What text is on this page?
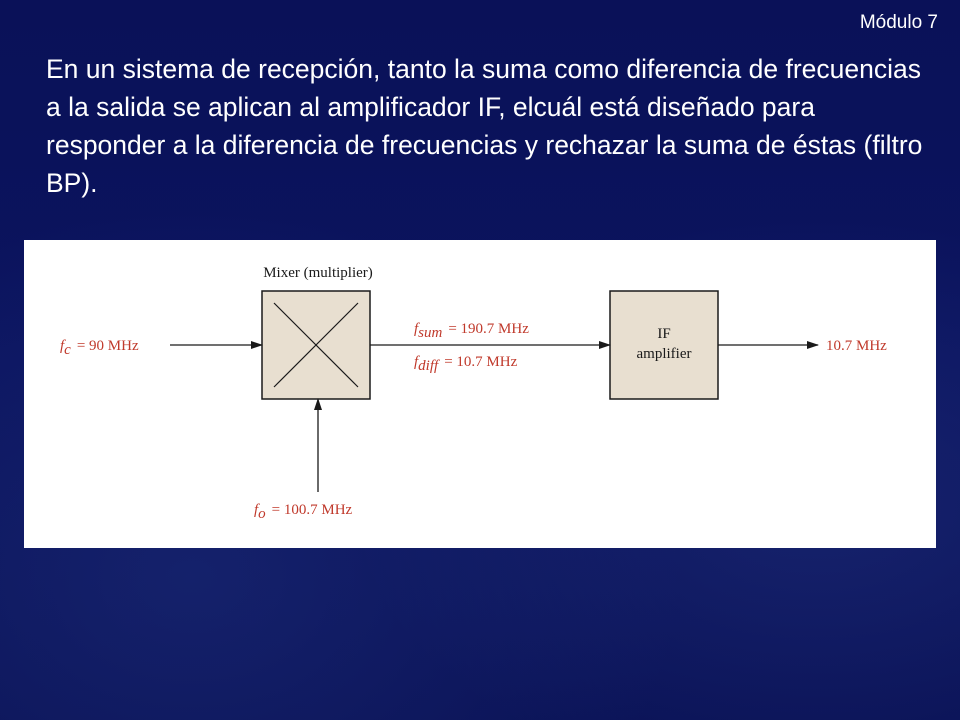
Módulo 7
En un sistema de recepción, tanto la suma como diferencia de frecuencias a la salida se aplican al amplificador IF, elcuál está diseñado para responder a la diferencia de frecuencias y rechazar la suma de éstas (filtro BP).
Mixer (multiplier)
IF
amplifier
fc = 90 MHz
fsum = 190.7 MHz
fdiff = 10.7 MHz
10.7 MHz
fo = 100.7 MHz
